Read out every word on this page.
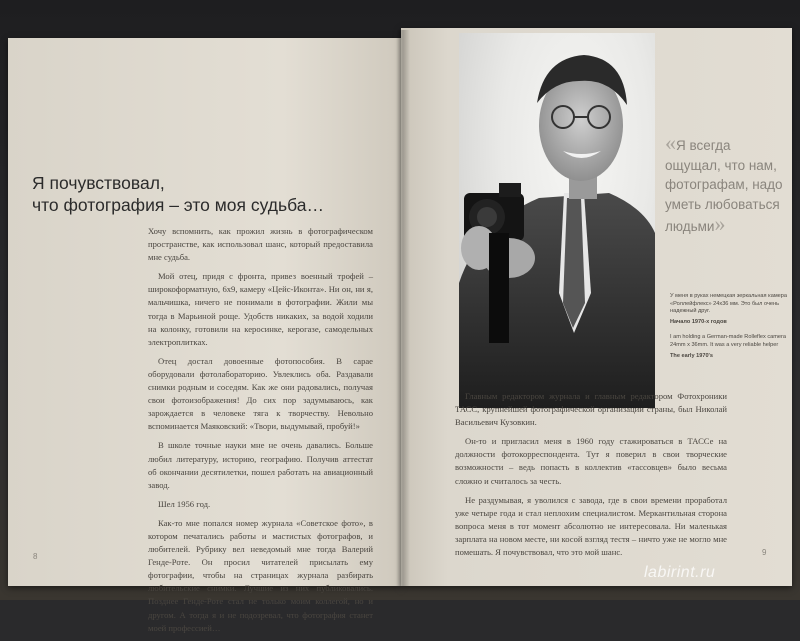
Я почувствовал,
что фотография – это моя судьба…

Хочу вспомнить, как прожил жизнь в фотографическом пространстве, как использовал шанс, который предоставила мне судьба.

Мой отец, придя с фронта, привез военный трофей – широкоформатную, 6х9, камеру «Цейс-Иконта». Ни он, ни я, мальчишка, ничего не понимали в фотографии. Жили мы тогда в Марьиной роще. Удобств никаких, за водой ходили на колонку, готовили на керосинке, керогазе, самодельных электроплитках.

Отец достал довоенные фотопособия. В сарае оборудовали фотолабораторию. Увлеклись оба. Раздавали снимки родным и соседям. Как же они радовались, получая свои фотоизображения! До сих пор задумываюсь, как зарождается в человеке тяга к творчеству. Невольно вспоминается Маяковский: «Твори, выдумывай, пробуй!»

В школе точные науки мне не очень давались. Больше любил литературу, историю, географию. Получив аттестат об окончании десятилетки, пошел работать на авиационный завод.

Шел 1956 год.

Как-то мне попался номер журнала «Советское фото», в котором печатались работы и мастистых фотографов, и любителей. Рубрику вел неведомый мне тогда Валерий Гендe-Роте. Он просил читателей присылать ему фотографии, чтобы на страницах журнала разбирать любительские снимки. Лучшие из них публиковались. Позднее Генде-Роте стал не только моим коллегой, но и другом. А тогда я и не подозревал, что фотография станет моей профессией…

8
«Я всегда ощущал, что нам, фотографам, надо уметь любоваться людьми»
У меня в руках немецкая зеркальная камера «Роллейфлекс» 24х36 мм. Это был очень надежный друг.
Начало 1970-х годов
I am holding a German-made Rolleflex camera 24mm x 36mm. It was a very reliable helper
The early 1970's

Главным редактором журнала и главным редактором Фотохроники ТАСС, крупнейшей фотографической организации страны, был Николай Васильевич Кузовкин.

Он-то и пригласил меня в 1960 году стажироваться в ТАССе на должности фотокорреспондента. Тут я поверил в свои творческие возможности – ведь попасть в коллектив «тассовцев» было весьма сложно и считалось за честь.

Не раздумывая, я уволился с завода, где в свои времени проработал уже четыре года и стал неплохим специалистом. Меркантильная сторона вопроса меня в тот момент абсолютно не интересовала. Ни маленькая зарплата на новом месте, ни косой взгляд тестя – ничто уже не могло мне помешать. Я почувствовал, что это мой шанс.	9
labirint.ru
